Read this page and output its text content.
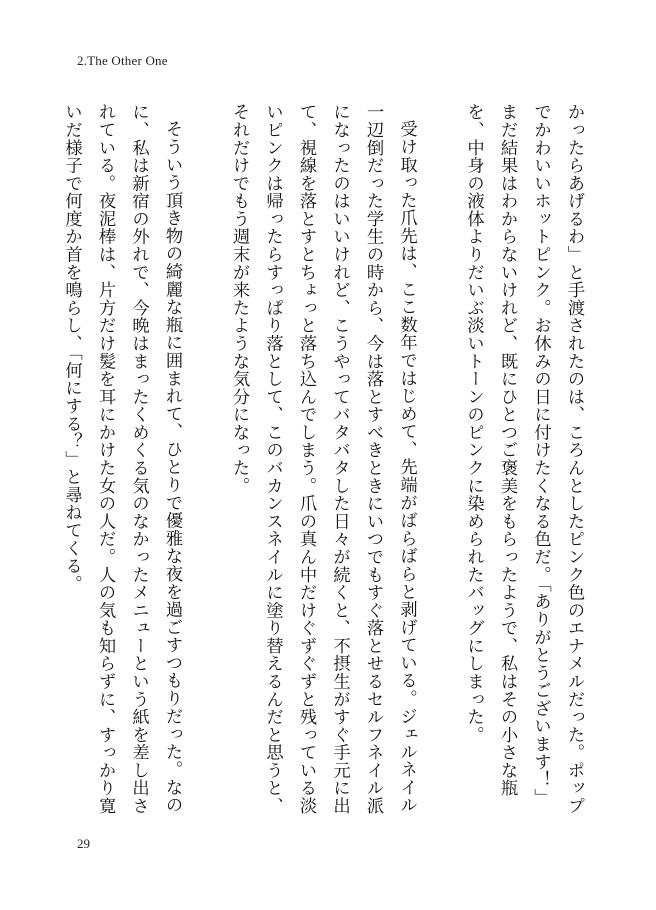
2.The Other One

かったらあげるわ」と手渡されたのは、ころんとしたピンク色のエナメルだった。ポップでかわいいホットピンク。お休みの日に付けたくなる色だ。「ありがとうございます！」まだ結果はわからないけれど、既にひとつご褒美をもらったようで、私はその小さな瓶を、中身の液体よりだいぶ淡いトーンのピンクに染められたバッグにしまった。

受け取った爪先は、ここ数年ではじめて、先端がばらばらと剥げている。ジェルネイル一辺倒だった学生の時から、今は落とすべきときにいつでもすぐ落とせるセルフネイル派になったのはいいけれど、こうやってバタバタした日々が続くと、不摂生がすぐ手元に出て、視線を落とすとちょっと落ち込んでしまう。爪の真ん中だけぐずぐずと残っている淡いピンクは帰ったらすっぱり落として、このバカンスネイルに塗り替えるんだと思うと、それだけでもう週末が来たような気分になった。

そういう頂き物の綺麗な瓶に囲まれて、ひとりで優雅な夜を過ごすつもりだった。なのに、私は新宿の外れで、今晩はまったくめくる気のなかったメニューという紙を差し出されている。夜泥棒は、片方だけ髪を耳にかけた女の人だ。人の気も知らずに、すっかり寛いだ様子で何度か首を鳴らし、「何にする？」と尋ねてくる。

29
